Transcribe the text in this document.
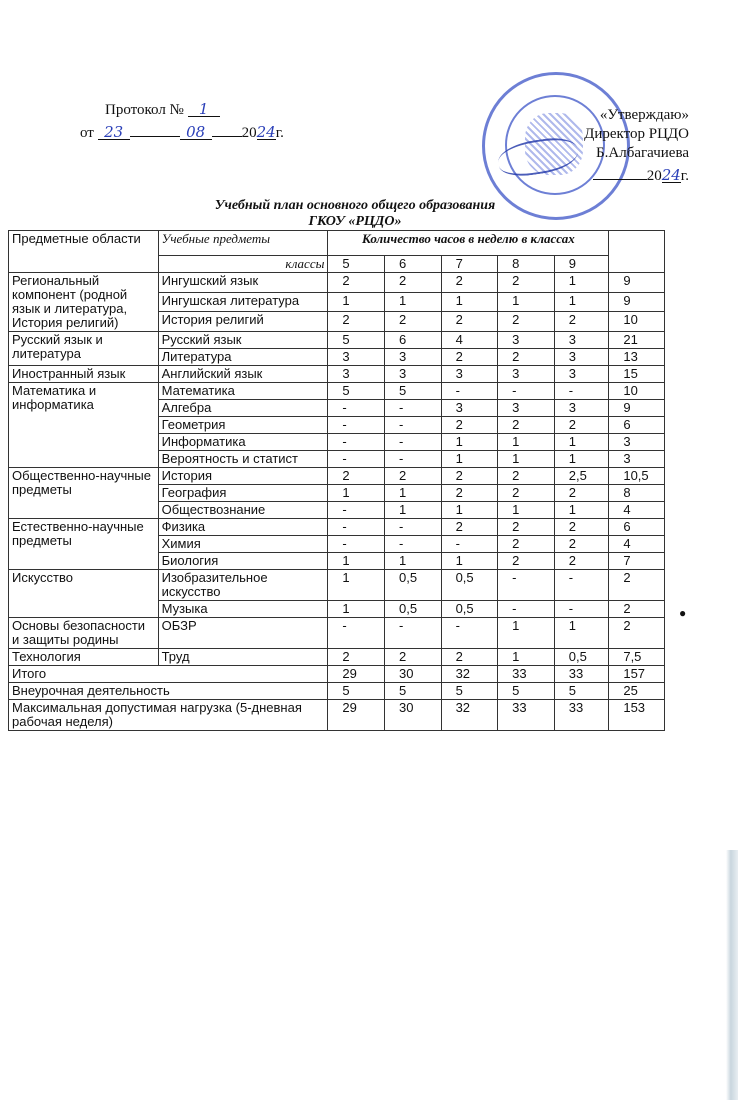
Протокол № 1
от 23	08 2024г.
«Утверждаю»
Директор РЦДО
Б.Албагачиева
2024г.
Учебный план основного общего образования
ГКОУ «РЦДО»
Предметные области	Учебные предметы	Количество часов в неделю в классах					
	классы	5	6	7	8	9	
Региональный компонент (родной язык и литература, История религий)	Ингушский язык	2	2	2	2	1	9
	Ингушская литература	1	1	1	1	1	9
	История религий	2	2	2	2	2	10
Русский язык и литература	Русский язык	5	6	4	3	3	21
	Литература	3	3	2	2	3	13
Иностранный язык	Английский язык	3	3	3	3	3	15
Математика и информатика	Математика	5	5	-	-	-	10
	Алгебра	-	-	3	3	3	9
	Геометрия	-	-	2	2	2	6
	Информатика	-	-	1	1	1	3
	Вероятность и статист	-	-	1	1	1	3
Общественно-научные предметы	История	2	2	2	2	2,5	10,5
	География	1	1	2	2	2	8
	Обществознание	-	1	1	1	1	4
Естественно-научные предметы	Физика	-	-	2	2	2	6
	Химия	-	-	-	2	2	4
	Биология	1	1	1	2	2	7
Искусство	Изобразительное искусство	1	0,5	0,5	-	-	2
	Музыка	1	0,5	0,5	-	-	2
Основы безопасности и защиты родины	ОБЗР	-	-	-	1	1	2
Технология	Труд	2	2	2	1	0,5	7,5
Итого		29	30	32	33	33	157
Внеурочная деятельность		5	5	5	5	5	25
Максимальная допустимая нагрузка (5-дневная рабочая неделя)		29	30	32	33	33	153
●
